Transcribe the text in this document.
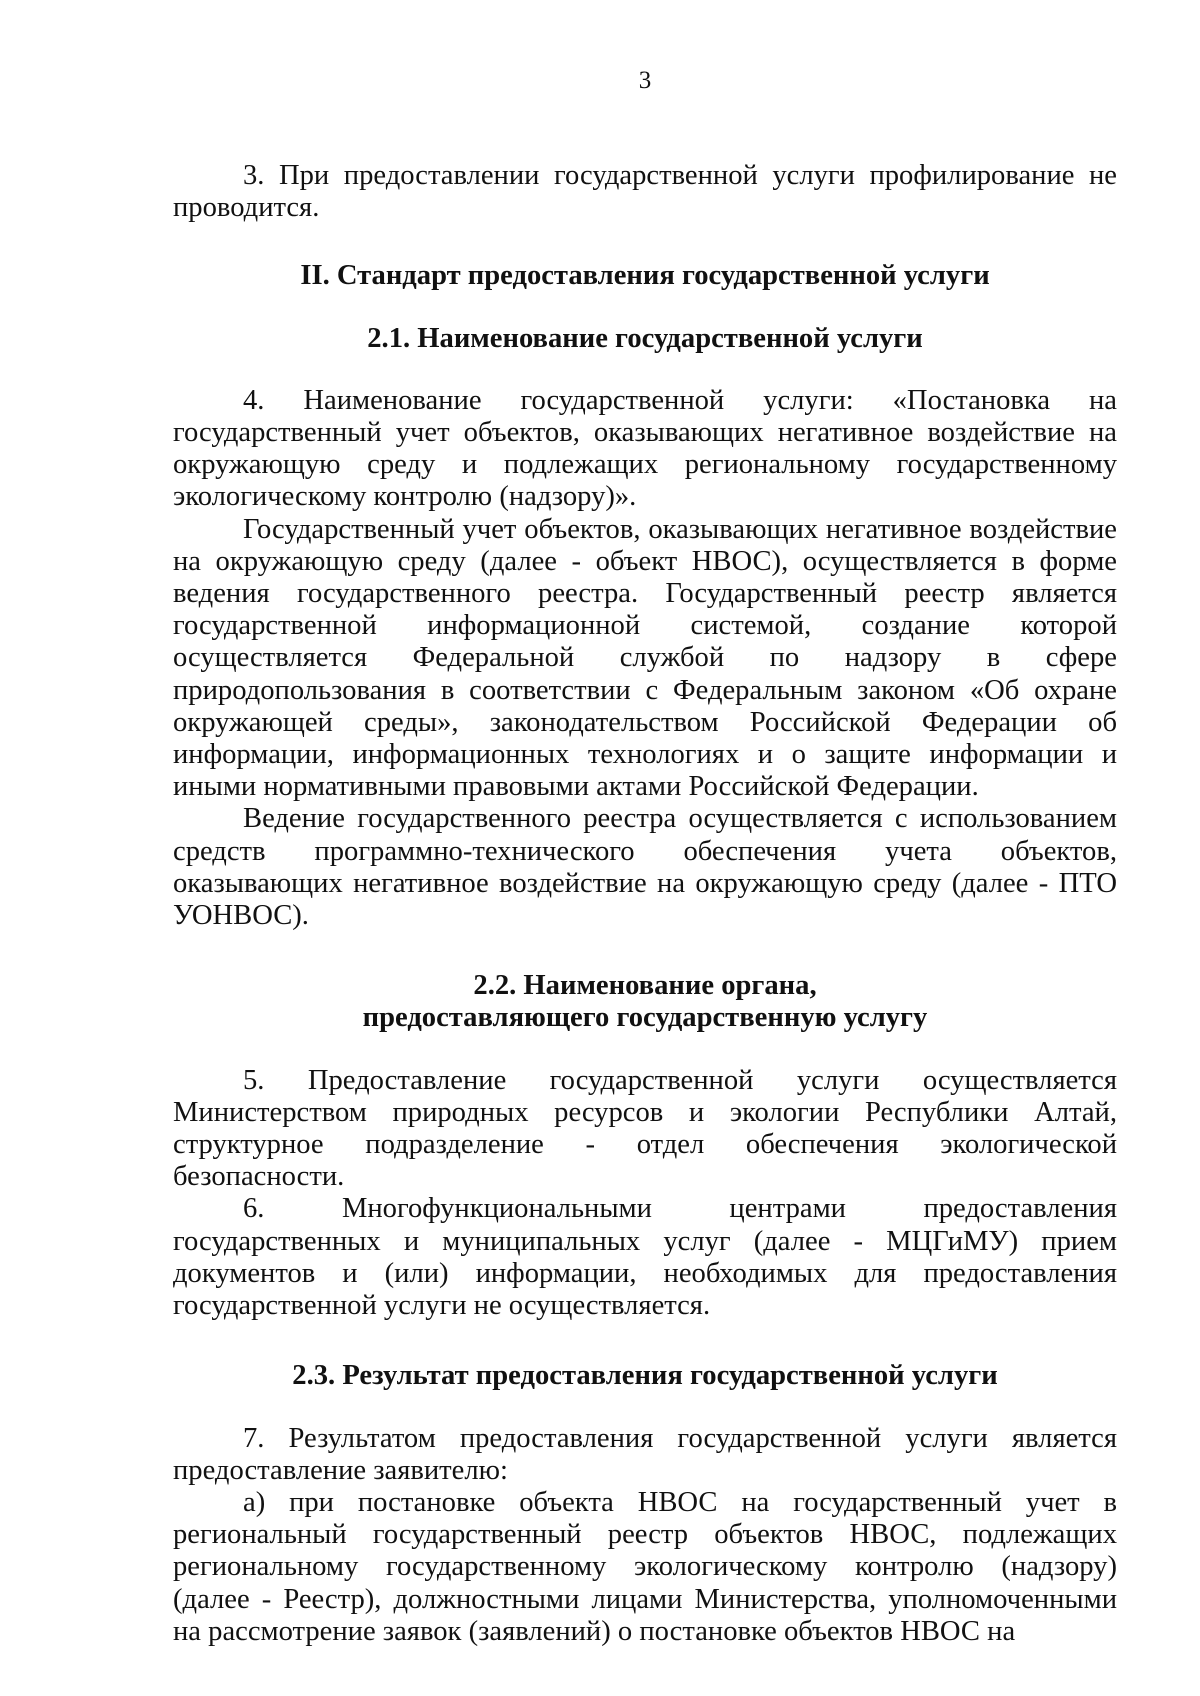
3

3. При предоставлении государственной услуги профилирование не проводится.

II. Стандарт предоставления государственной услуги
2.1. Наименование государственной услуги

4. Наименование государственной услуги: «Постановка на государственный учет объектов, оказывающих негативное воздействие на окружающую среду и подлежащих региональному государственному экологическому контролю (надзору)».

Государственный учет объектов, оказывающих негативное воздействие на окружающую среду (далее - объект НВОС), осуществляется в форме ведения государственного реестра. Государственный реестр является государственной информационной системой, создание которой осуществляется Федеральной службой по надзору в сфере природопользования в соответствии с Федеральным законом «Об охране окружающей среды», законодательством Российской Федерации об информации, информационных технологиях и о защите информации и иными нормативными правовыми актами Российской Федерации.

Ведение государственного реестра осуществляется с использованием средств программно-технического обеспечения учета объектов, оказывающих негативное воздействие на окружающую среду (далее - ПТО УОНВОС).

2.2. Наименование органа,
предоставляющего государственную услугу

5. Предоставление государственной услуги осуществляется Министерством природных ресурсов и экологии Республики Алтай, структурное подразделение - отдел обеспечения экологической безопасности.

6. Многофункциональными центрами предоставления государственных и муниципальных услуг (далее - МЦГиМУ) прием документов и (или) информации, необходимых для предоставления государственной услуги не осуществляется.

2.3. Результат предоставления государственной услуги

7. Результатом предоставления государственной услуги является предоставление заявителю:

а) при постановке объекта НВОС на государственный учет в региональный государственный реестр объектов НВОС, подлежащих региональному государственному экологическому контролю (надзору) (далее - Реестр), должностными лицами Министерства, уполномоченными на рассмотрение заявок (заявлений) о постановке объектов НВОС на
